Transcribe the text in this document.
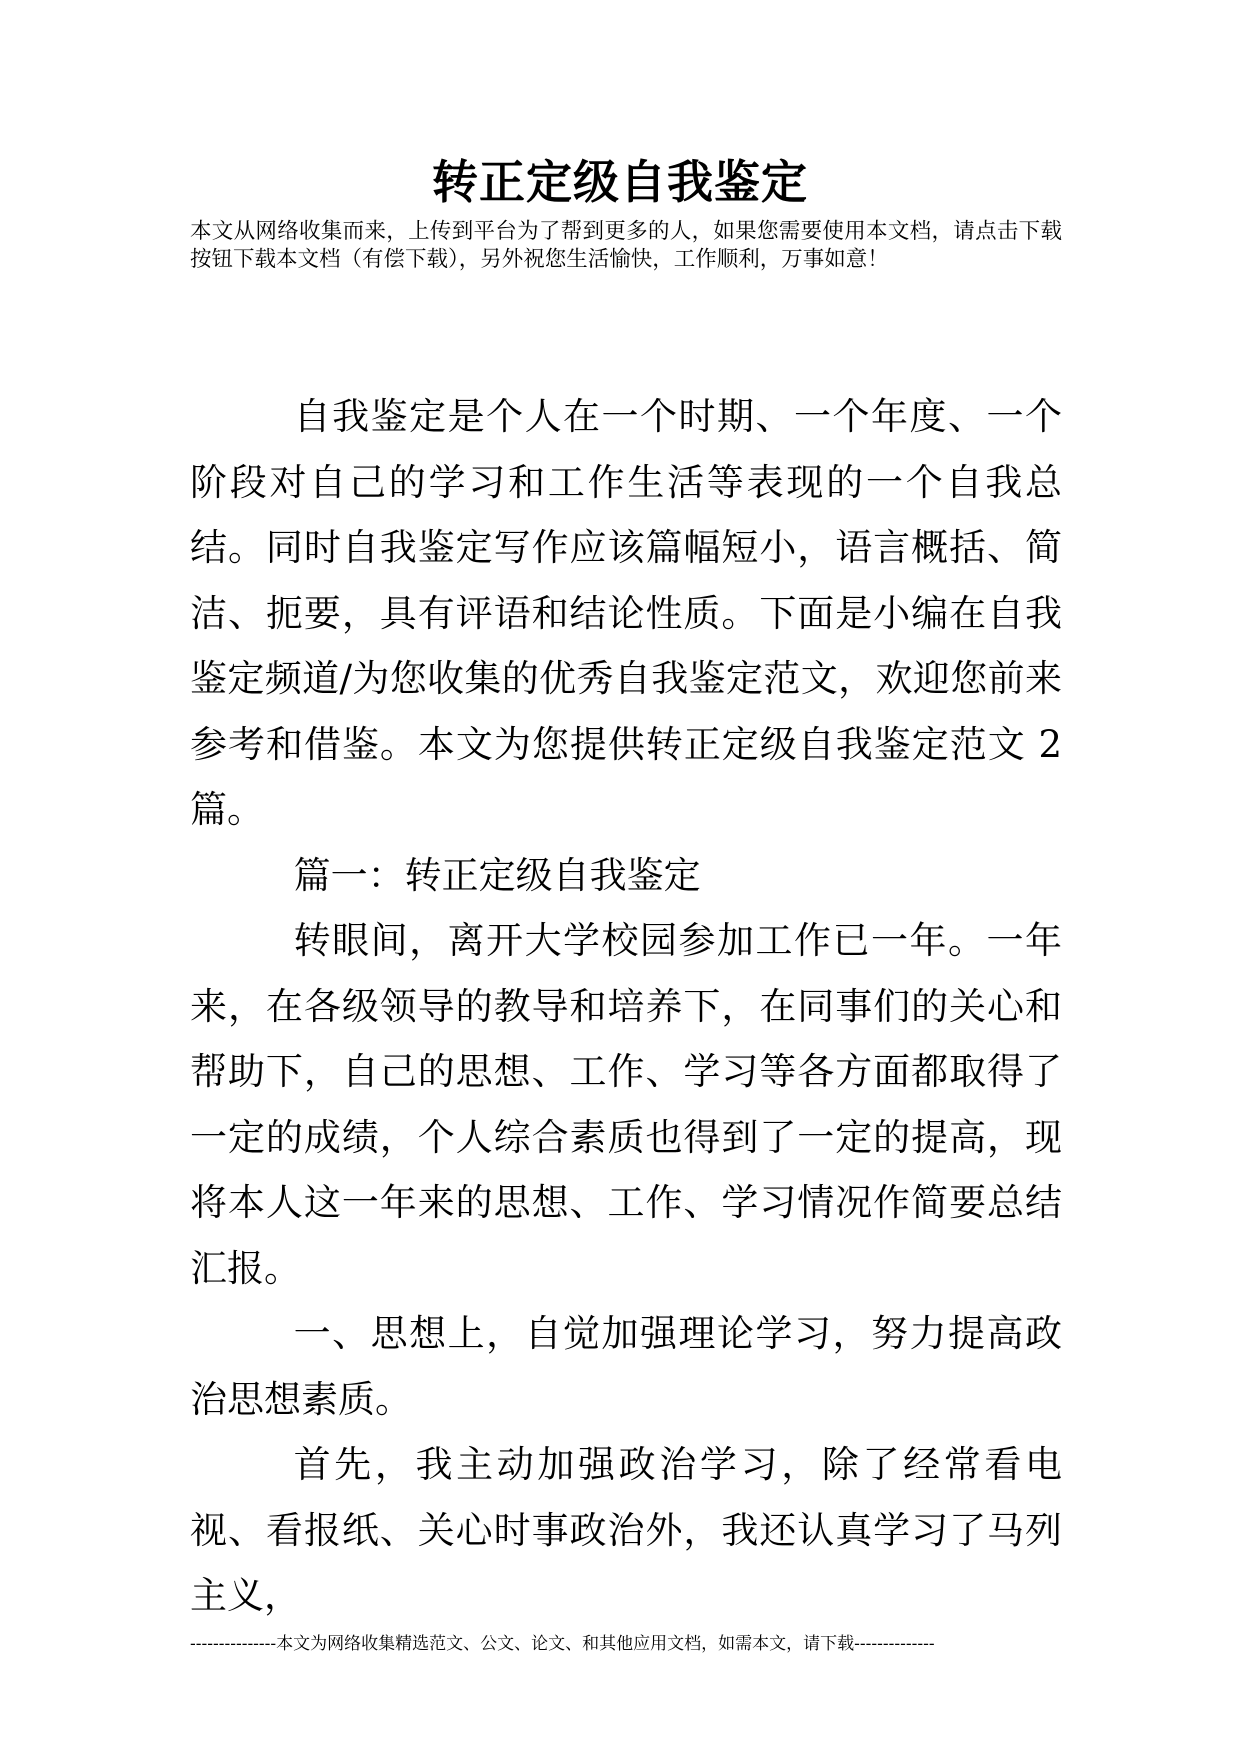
转正定级自我鉴定
本文从网络收集而来，上传到平台为了帮到更多的人，如果您需要使用本文档，请点击下载按钮下载本文档（有偿下载），另外祝您生活愉快，工作顺利，万事如意！

自我鉴定是个人在一个时期、一个年度、一个阶段对自己的学习和工作生活等表现的一个自我总结。同时自我鉴定写作应该篇幅短小，语言概括、简洁、扼要，具有评语和结论性质。下面是小编在自我鉴定频道/为您收集的优秀自我鉴定范文，欢迎您前来参考和借鉴。本文为您提供转正定级自我鉴定范文 2篇。

篇一：转正定级自我鉴定

转眼间，离开大学校园参加工作已一年。一年来，在各级领导的教导和培养下，在同事们的关心和帮助下，自己的思想、工作、学习等各方面都取得了一定的成绩，个人综合素质也得到了一定的提高，现将本人这一年来的思想、工作、学习情况作简要总结汇报。

一、思想上，自觉加强理论学习，努力提高政治思想素质。

首先，我主动加强政治学习，除了经常看电视、看报纸、关心时事政治外，我还认真学习了马列主义，

---------------本文为网络收集精选范文、公文、论文、和其他应用文档，如需本文，请下载--------------
